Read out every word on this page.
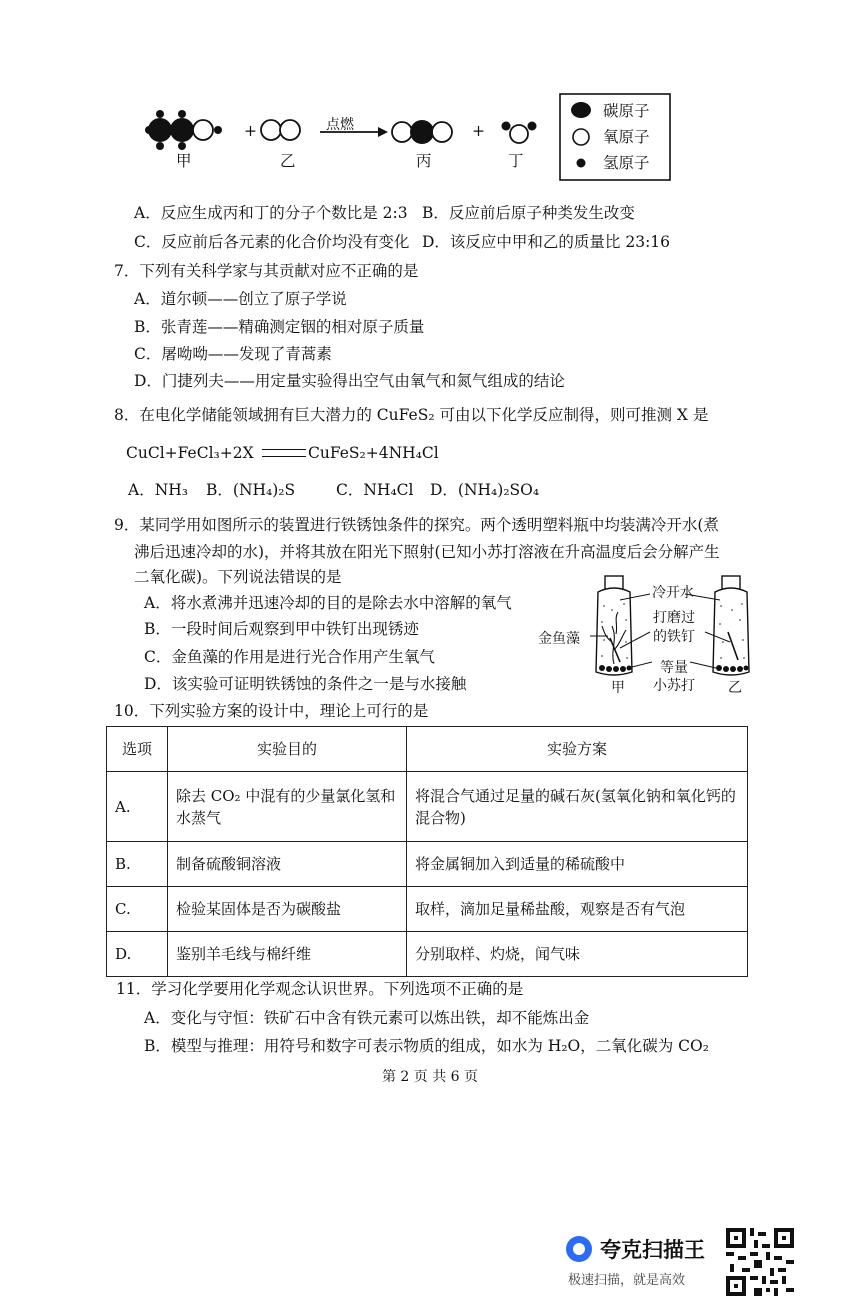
点燃
+	+
甲	乙	丙	丁
碳原子
氧原子
氢原子
A．反应生成丙和丁的分子个数比是 2:3 B．反应前后原子种类发生改变
C．反应前后各元素的化合价均没有变化 D．该反应中甲和乙的质量比 23:16
7．下列有关科学家与其贡献对应不正确的是
A．道尔顿——创立了原子学说
B．张青莲——精确测定铟的相对原子质量
C．屠呦呦——发现了青蒿素
D．门捷列夫——用定量实验得出空气由氧气和氮气组成的结论
8．在电化学储能领域拥有巨大潜力的 CuFeS₂ 可由以下化学反应制得，则可推测 X 是
CuCl+FeCl₃+2X	CuFeS₂+4NH₄Cl
A．NH₃ B．(NH₄)₂S	C．NH₄Cl D．(NH₄)₂SO₄
9．某同学用如图所示的装置进行铁锈蚀条件的探究。两个透明塑料瓶中均装满冷开水(煮
沸后迅速冷却的水)，并将其放在阳光下照射(已知小苏打溶液在升高温度后会分解产生
二氧化碳)。下列说法错误的是
A．将水煮沸并迅速冷却的目的是除去水中溶解的氧气
B．一段时间后观察到甲中铁钉出现锈迹
C．金鱼藻的作用是进行光合作用产生氧气
D．该实验可证明铁锈蚀的条件之一是与水接触
冷开水
打磨过
的铁钉
金鱼藻
等量
小苏打
甲	乙
10．下列实验方案的设计中，理论上可行的是
选项	实验目的	实验方案
A.	除去 CO₂ 中混有的少量氯化氢和水蒸气	将混合气通过足量的碱石灰(氢氧化钠和氧化钙的混合物)
B.	制备硫酸铜溶液	将金属铜加入到适量的稀硫酸中
C.	检验某固体是否为碳酸盐	取样，滴加足量稀盐酸，观察是否有气泡
D.	鉴别羊毛线与棉纤维	分别取样、灼烧，闻气味
11．学习化学要用化学观念认识世界。下列选项不正确的是
A．变化与守恒：铁矿石中含有铁元素可以炼出铁，却不能炼出金
B．模型与推理：用符号和数字可表示物质的组成，如水为 H₂O，二氧化碳为 CO₂
第 2 页 共 6 页
夸克扫描王
极速扫描，就是高效
